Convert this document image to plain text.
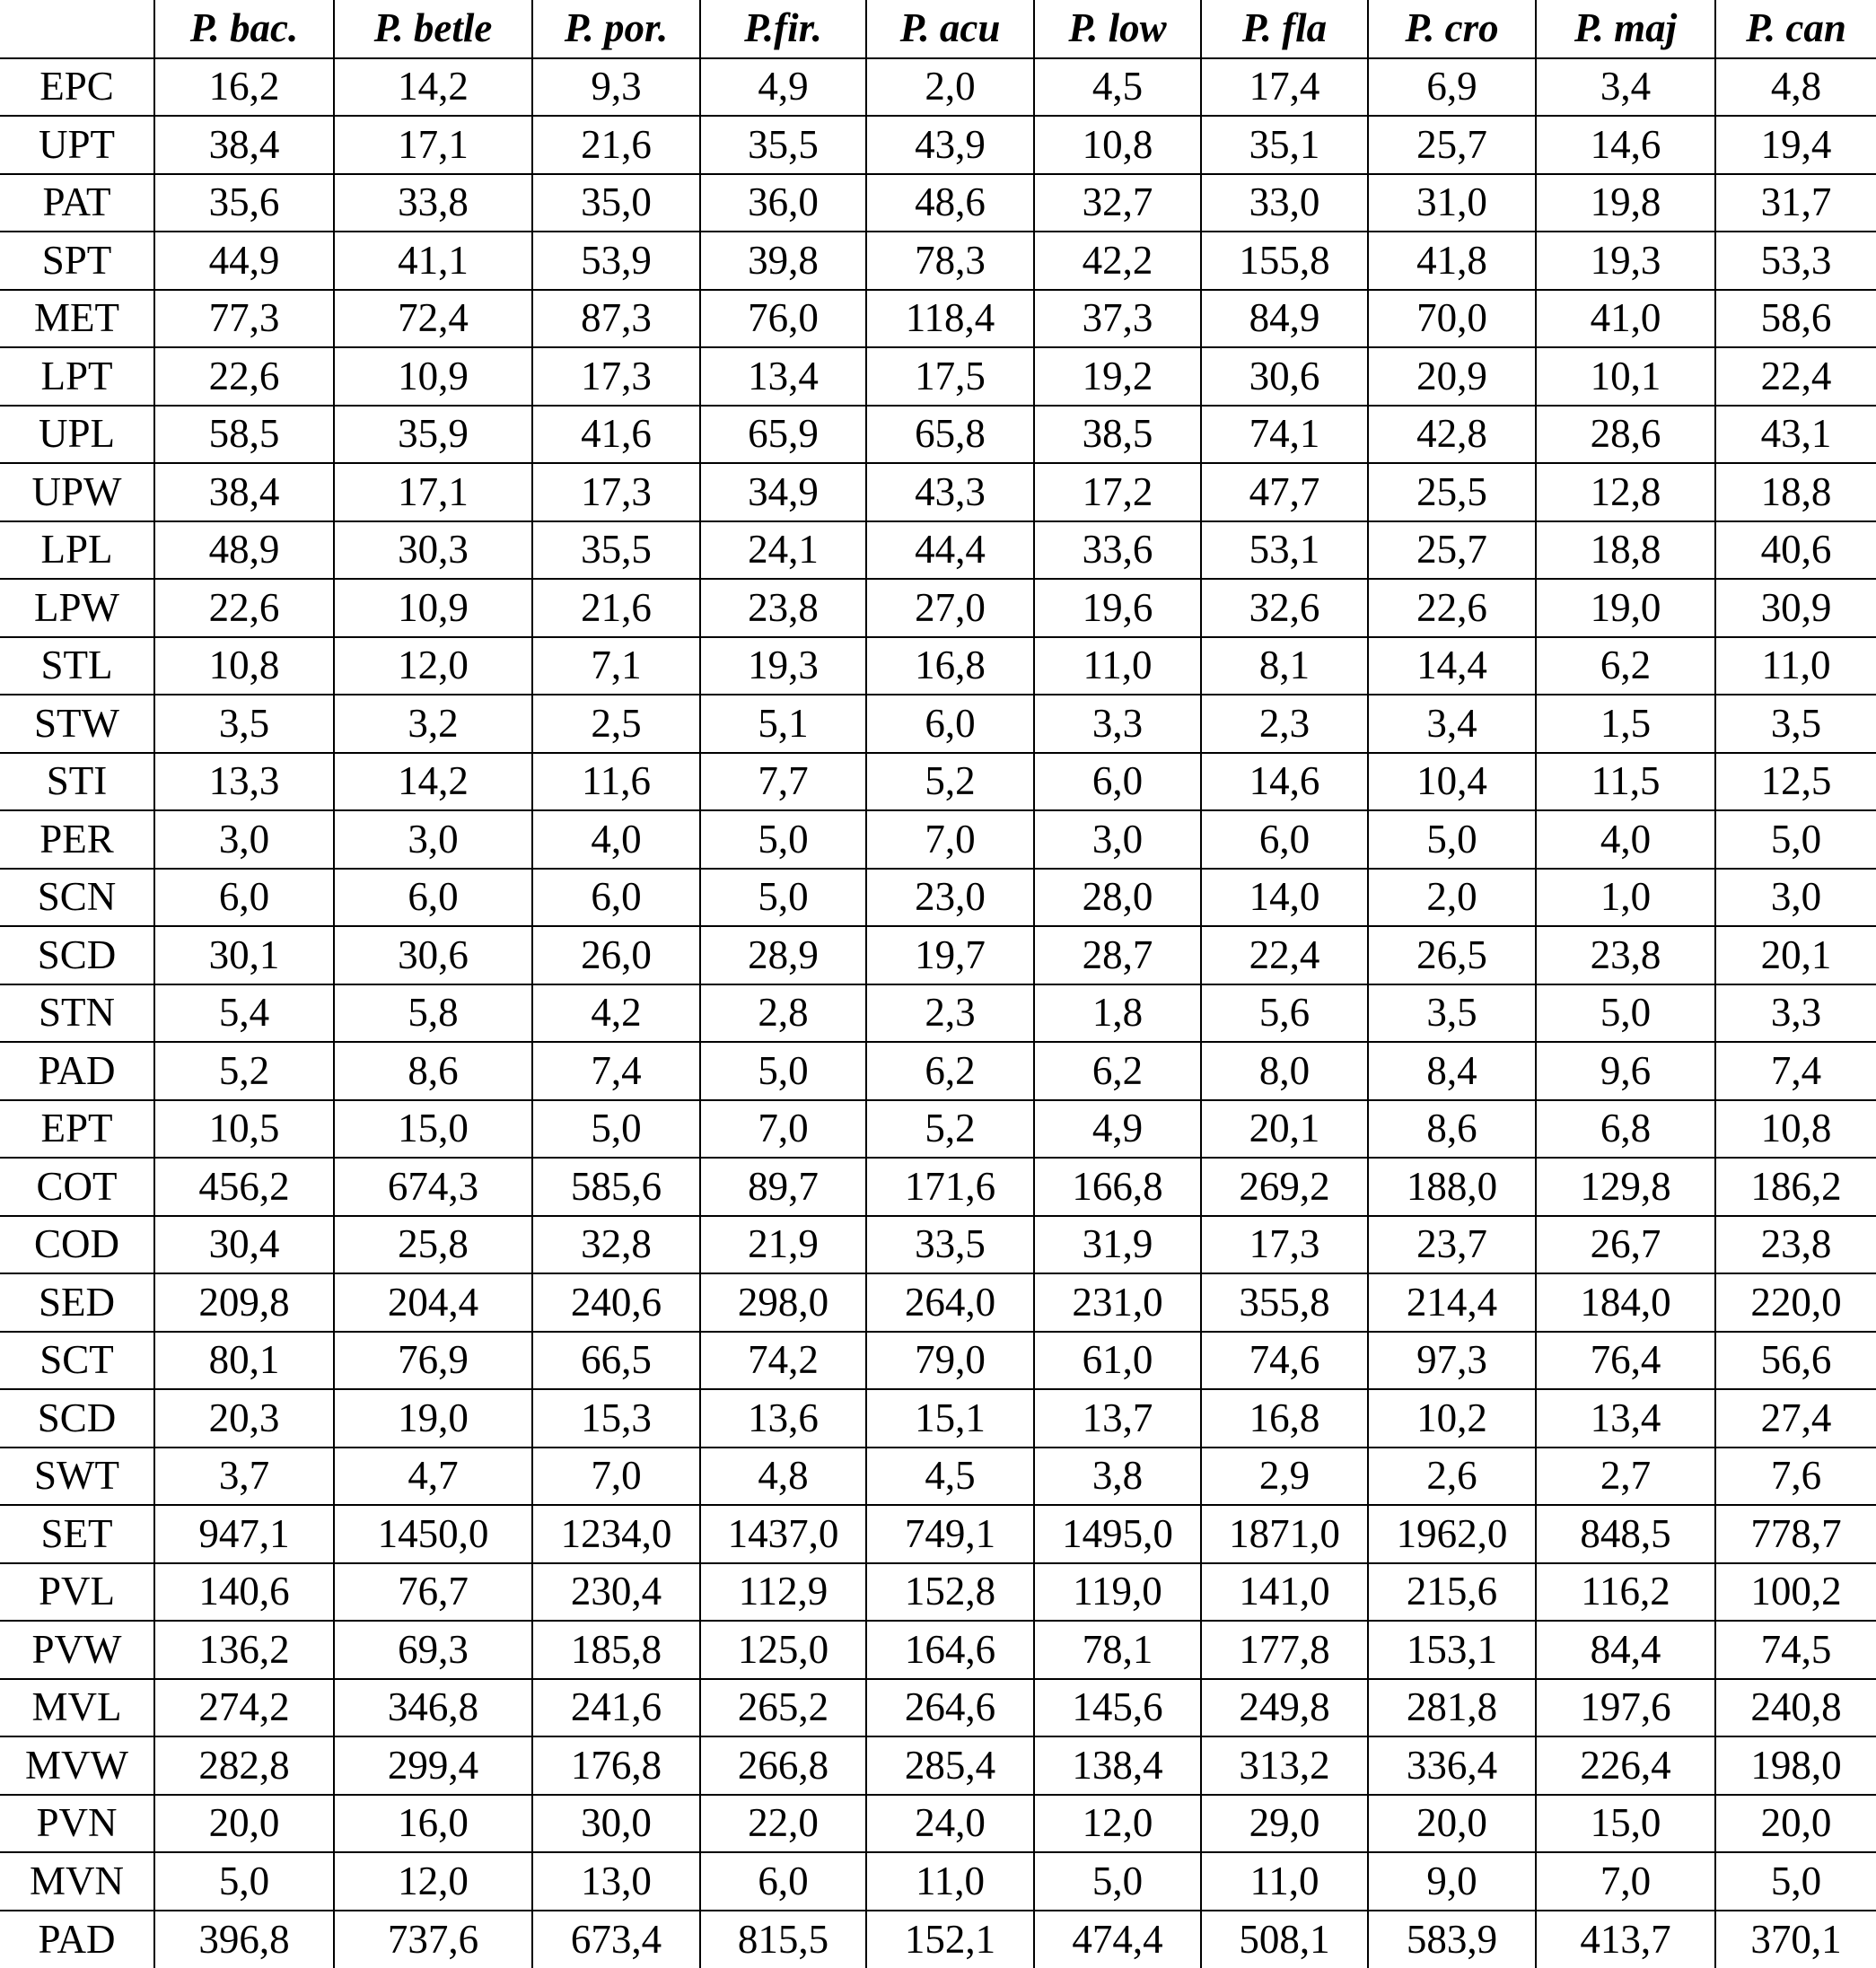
	P. bac.	P. betle	P. por.	P.fir.	P. acu	P. low	P. fla	P. cro	P. maj	P. can
EPC	16,2	14,2	9,3	4,9	2,0	4,5	17,4	6,9	3,4	4,8
UPT	38,4	17,1	21,6	35,5	43,9	10,8	35,1	25,7	14,6	19,4
PAT	35,6	33,8	35,0	36,0	48,6	32,7	33,0	31,0	19,8	31,7
SPT	44,9	41,1	53,9	39,8	78,3	42,2	155,8	41,8	19,3	53,3
MET	77,3	72,4	87,3	76,0	118,4	37,3	84,9	70,0	41,0	58,6
LPT	22,6	10,9	17,3	13,4	17,5	19,2	30,6	20,9	10,1	22,4
UPL	58,5	35,9	41,6	65,9	65,8	38,5	74,1	42,8	28,6	43,1
UPW	38,4	17,1	17,3	34,9	43,3	17,2	47,7	25,5	12,8	18,8
LPL	48,9	30,3	35,5	24,1	44,4	33,6	53,1	25,7	18,8	40,6
LPW	22,6	10,9	21,6	23,8	27,0	19,6	32,6	22,6	19,0	30,9
STL	10,8	12,0	7,1	19,3	16,8	11,0	8,1	14,4	6,2	11,0
STW	3,5	3,2	2,5	5,1	6,0	3,3	2,3	3,4	1,5	3,5
STI	13,3	14,2	11,6	7,7	5,2	6,0	14,6	10,4	11,5	12,5
PER	3,0	3,0	4,0	5,0	7,0	3,0	6,0	5,0	4,0	5,0
SCN	6,0	6,0	6,0	5,0	23,0	28,0	14,0	2,0	1,0	3,0
SCD	30,1	30,6	26,0	28,9	19,7	28,7	22,4	26,5	23,8	20,1
STN	5,4	5,8	4,2	2,8	2,3	1,8	5,6	3,5	5,0	3,3
PAD	5,2	8,6	7,4	5,0	6,2	6,2	8,0	8,4	9,6	7,4
EPT	10,5	15,0	5,0	7,0	5,2	4,9	20,1	8,6	6,8	10,8
COT	456,2	674,3	585,6	89,7	171,6	166,8	269,2	188,0	129,8	186,2
COD	30,4	25,8	32,8	21,9	33,5	31,9	17,3	23,7	26,7	23,8
SED	209,8	204,4	240,6	298,0	264,0	231,0	355,8	214,4	184,0	220,0
SCT	80,1	76,9	66,5	74,2	79,0	61,0	74,6	97,3	76,4	56,6
SCD	20,3	19,0	15,3	13,6	15,1	13,7	16,8	10,2	13,4	27,4
SWT	3,7	4,7	7,0	4,8	4,5	3,8	2,9	2,6	2,7	7,6
SET	947,1	1450,0	1234,0	1437,0	749,1	1495,0	1871,0	1962,0	848,5	778,7
PVL	140,6	76,7	230,4	112,9	152,8	119,0	141,0	215,6	116,2	100,2
PVW	136,2	69,3	185,8	125,0	164,6	78,1	177,8	153,1	84,4	74,5
MVL	274,2	346,8	241,6	265,2	264,6	145,6	249,8	281,8	197,6	240,8
MVW	282,8	299,4	176,8	266,8	285,4	138,4	313,2	336,4	226,4	198,0
PVN	20,0	16,0	30,0	22,0	24,0	12,0	29,0	20,0	15,0	20,0
MVN	5,0	12,0	13,0	6,0	11,0	5,0	11,0	9,0	7,0	5,0
PAD	396,8	737,6	673,4	815,5	152,1	474,4	508,1	583,9	413,7	370,1
